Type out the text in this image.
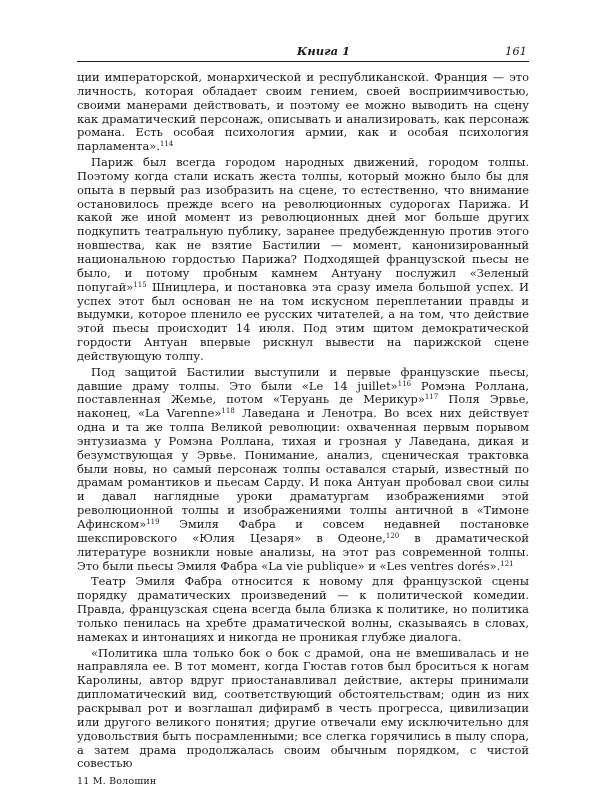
Книга 1	161

ции императорской, монархической и республиканской. Франция — это личность, которая обладает своим гением, своей восприимчивостью, своими манерами действовать, и поэтому ее можно выводить на сцену как драматический персонаж, описывать и анализировать, как персонаж романа. Есть особая психология армии, как и особая психология парламента».$^{114}$

Париж был всегда городом народных движений, городом толпы. Поэтому когда стали искать жеста толпы, который можно было бы для опыта в первый раз изобразить на сцене, то естественно, что внимание остановилось прежде всего на революционных судорогах Парижа. И какой же иной момент из революционных дней мог больше других подкупить театральную публику, заранее предубежденную против этого новшества, как не взятие Бастилии — момент, канонизированный национальною гордостью Парижа? Подходящей французской пьесы не было, и потому пробным камнем Антуану послужил «Зеленый попугай»$^{115}$ Шницлера, и постановка эта сразу имела большой успех. И успех этот был основан не на том искусном переплетании правды и выдумки, которое пленило ее русских читателей, а на том, что действие этой пьесы происходит 14 июля. Под этим щитом демократической гордости Антуан впервые рискнул вывести на парижской сцене действующую толпу.

Под защитой Бастилии выступили и первые французские пьесы, давшие драму толпы. Это были «Le 14 juillet»$^{116}$ Ромэна Роллана, поставленная Жемье, потом «Теруань де Мерикур»$^{117}$ Поля Эрвье, наконец, «La Varenne»$^{118}$ Лаведана и Ленотра. Во всех них действует одна и та же толпа Великой революции: охваченная первым порывом энтузиазма у Ромэна Роллана, тихая и грозная у Лаведана, дикая и безумствующая у Эрвье. Понимание, анализ, сценическая трактовка были новы, но самый персонаж толпы оставался старый, известный по драмам романтиков и пьесам Сарду. И пока Антуан пробовал свои силы и давал наглядные уроки драматургам изображениями этой революционной толпы и изображениями толпы античной в «Тимоне Афинском»$^{119}$ Эмиля Фабра и совсем недавней постановке шекспировского «Юлия Цезаря» в Одеоне,$^{120}$ в драматической литературе возникли новые анализы, на этот раз современной толпы. Это были пьесы Эмиля Фабра «La vie publique» и «Les ventres dorés».$^{121}$

Театр Эмиля Фабра относится к новому для французской сцены порядку драматических произведений — к политической комедии. Правда, французская сцена всегда была близка к политике, но политика только пенилась на хребте драматической волны, сказываясь в словах, намеках и интонациях и никогда не проникая глубже диалога.

«Политика шла только бок о бок с драмой, она не вмешивалась и не направляла ее. В тот момент, когда Гюстав готов был броситься к ногам Каролины, автор вдруг приостанавливал действие, актеры принимали дипломатический вид, соответствующий обстоятельствам; один из них раскрывал рот и возглашал дифирамб в честь прогресса, цивилизации или другого великого понятия; другие отвечали ему исключительно для удовольствия быть посрамленными; все слегка горячились в пылу спора, а затем драма продолжалась своим обычным порядком, с чистой совестью

11 М. Волошин
